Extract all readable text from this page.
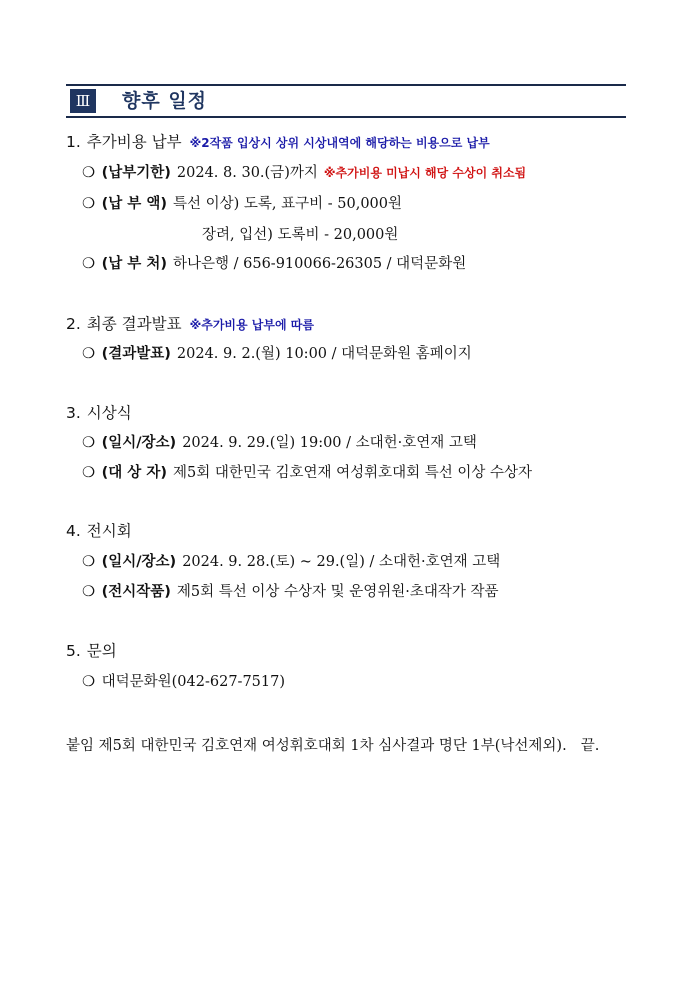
Ⅲ	향후 일정
1. 추가비용 납부 ※2작품 입상시 상위 시상내역에 해당하는 비용으로 납부
❍ (납부기한) 2024. 8. 30.(금)까지 ※추가비용 미납시 해당 수상이 취소됨
❍ (납 부 액) 특선 이상) 도록, 표구비 - 50,000원
장려, 입선) 도록비 - 20,000원
❍ (납 부 처) 하나은행 / 656-910066-26305 / 대덕문화원
2. 최종 결과발표 ※추가비용 납부에 따름
❍ (결과발표) 2024. 9. 2.(월) 10:00 / 대덕문화원 홈페이지
3. 시상식
❍ (일시/장소) 2024. 9. 29.(일) 19:00 / 소대헌·호연재 고택
❍ (대 상 자) 제5회 대한민국 김호연재 여성휘호대회 특선 이상 수상자
4. 전시회
❍ (일시/장소) 2024. 9. 28.(토) ~ 29.(일) / 소대헌·호연재 고택
❍ (전시작품) 제5회 특선 이상 수상자 및 운영위원·초대작가 작품
5. 문의
❍ 대덕문화원(042-627-7517)
붙임 제5회 대한민국 김호연재 여성휘호대회 1차 심사결과 명단 1부(낙선제외). 끝.
